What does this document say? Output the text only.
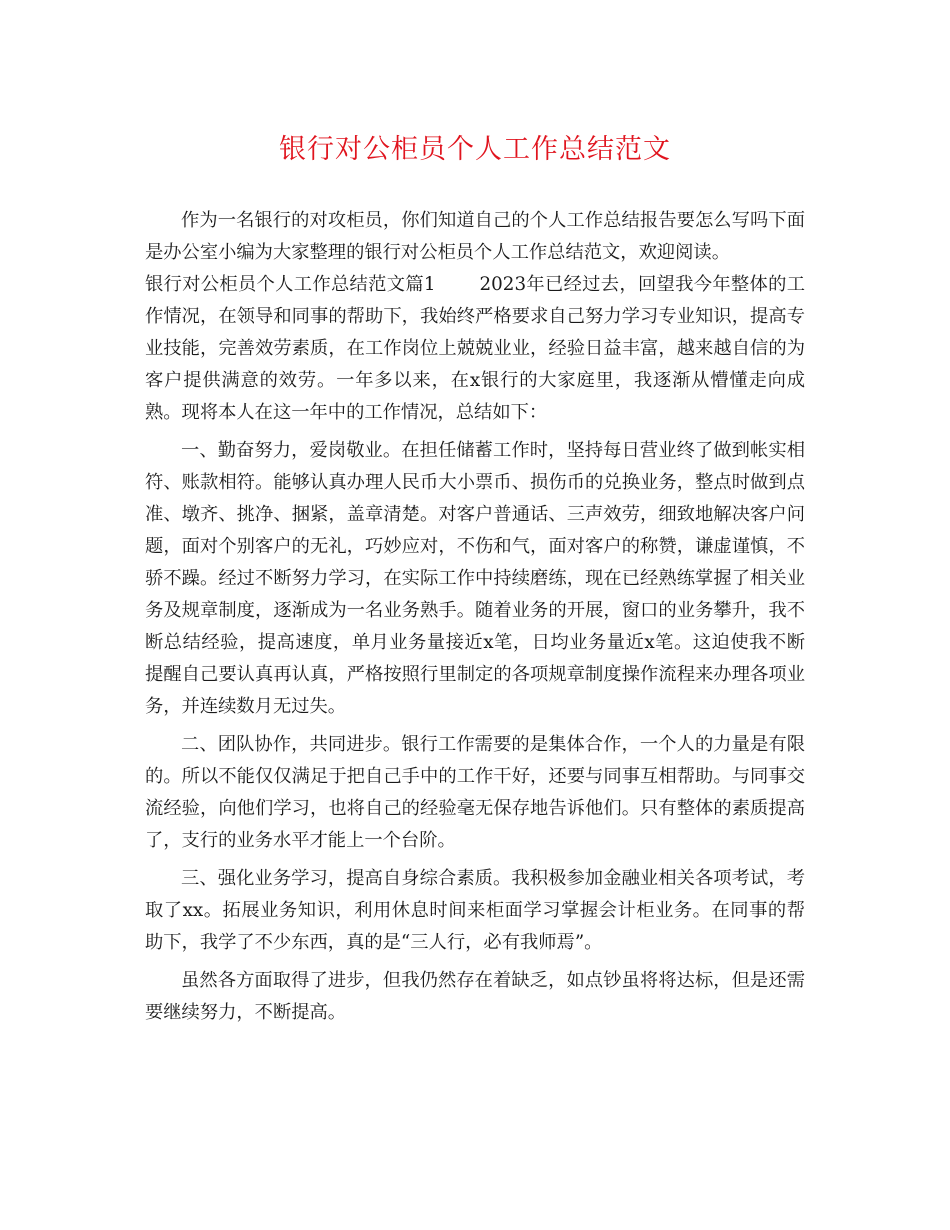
银行对公柜员个人工作总结范文

作为一名银行的对攻柜员，你们知道自己的个人工作总结报告要怎么写吗下面是办公室小编为大家整理的银行对公柜员个人工作总结范文，欢迎阅读。

银行对公柜员个人工作总结范文篇1 2023年已经过去，回望我今年整体的工作情况，在领导和同事的帮助下，我始终严格要求自己努力学习专业知识，提高专业技能，完善效劳素质，在工作岗位上兢兢业业，经验日益丰富，越来越自信的为客户提供满意的效劳。一年多以来，在x银行的大家庭里，我逐渐从懵懂走向成熟。现将本人在这一年中的工作情况，总结如下：

一、勤奋努力，爱岗敬业。在担任储蓄工作时，坚持每日营业终了做到帐实相符、账款相符。能够认真办理人民币大小票币、损伤币的兑换业务，整点时做到点准、墩齐、挑净、捆紧，盖章清楚。对客户普通话、三声效劳，细致地解决客户问题，面对个别客户的无礼，巧妙应对，不伤和气，面对客户的称赞，谦虚谨慎，不骄不躁。经过不断努力学习，在实际工作中持续磨练，现在已经熟练掌握了相关业务及规章制度，逐渐成为一名业务熟手。随着业务的开展，窗口的业务攀升，我不断总结经验，提高速度，单月业务量接近x笔，日均业务量近x笔。这迫使我不断提醒自己要认真再认真，严格按照行里制定的各项规章制度操作流程来办理各项业务，并连续数月无过失。

二、团队协作，共同进步。银行工作需要的是集体合作，一个人的力量是有限的。所以不能仅仅满足于把自己手中的工作干好，还要与同事互相帮助。与同事交流经验，向他们学习，也将自己的经验毫无保存地告诉他们。只有整体的素质提高了，支行的业务水平才能上一个台阶。

三、强化业务学习，提高自身综合素质。我积极参加金融业相关各项考试，考取了xx。拓展业务知识，利用休息时间来柜面学习掌握会计柜业务。在同事的帮助下，我学了不少东西，真的是“三人行，必有我师焉”。

虽然各方面取得了进步，但我仍然存在着缺乏，如点钞虽将将达标，但是还需要继续努力，不断提高。
